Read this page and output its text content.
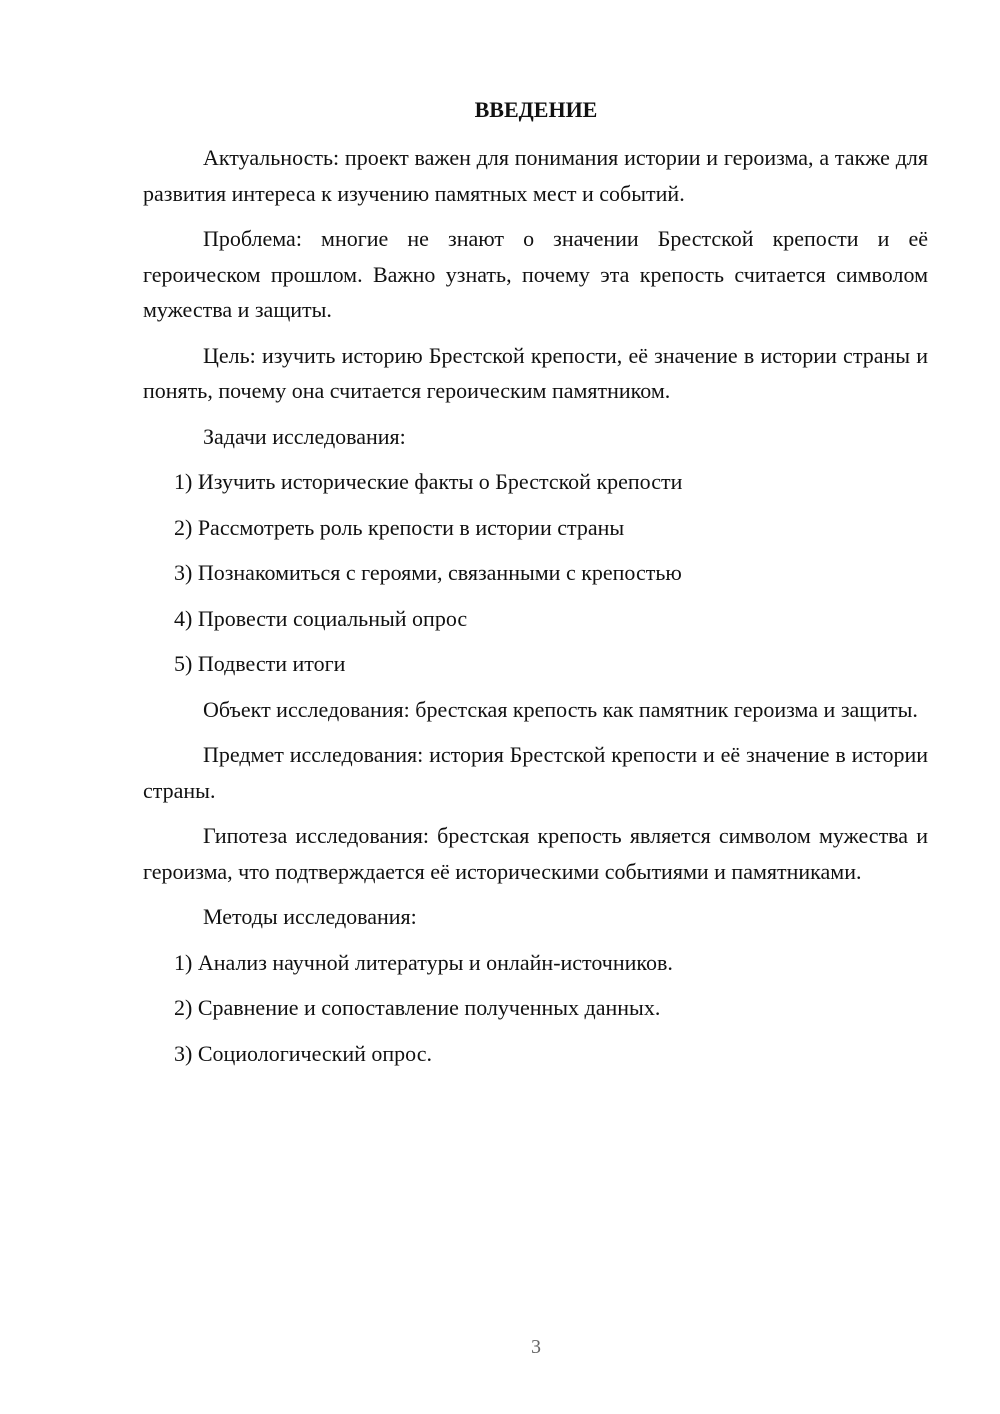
ВВЕДЕНИЕ

Актуальность: проект важен для понимания истории и героизма, а также для развития интереса к изучению памятных мест и событий.

Проблема: многие не знают о значении Брестской крепости и её героическом прошлом. Важно узнать, почему эта крепость считается символом мужества и защиты.

Цель: изучить историю Брестской крепости, её значение в истории страны и понять, почему она считается героическим памятником.

Задачи исследования:

1) Изучить исторические факты о Брестской крепости

2) Рассмотреть роль крепости в истории страны

3) Познакомиться с героями, связанными с крепостью

4) Провести социальный опрос

5) Подвести итоги

Объект исследования: брестская крепость как памятник героизма и защиты.

Предмет исследования: история Брестской крепости и её значение в истории страны.

Гипотеза исследования: брестская крепость является символом мужества и героизма, что подтверждается её историческими событиями и памятниками.

Методы исследования:

1) Анализ научной литературы и онлайн-источников.

2) Сравнение и сопоставление полученных данных.

3) Социологический опрос.

3
